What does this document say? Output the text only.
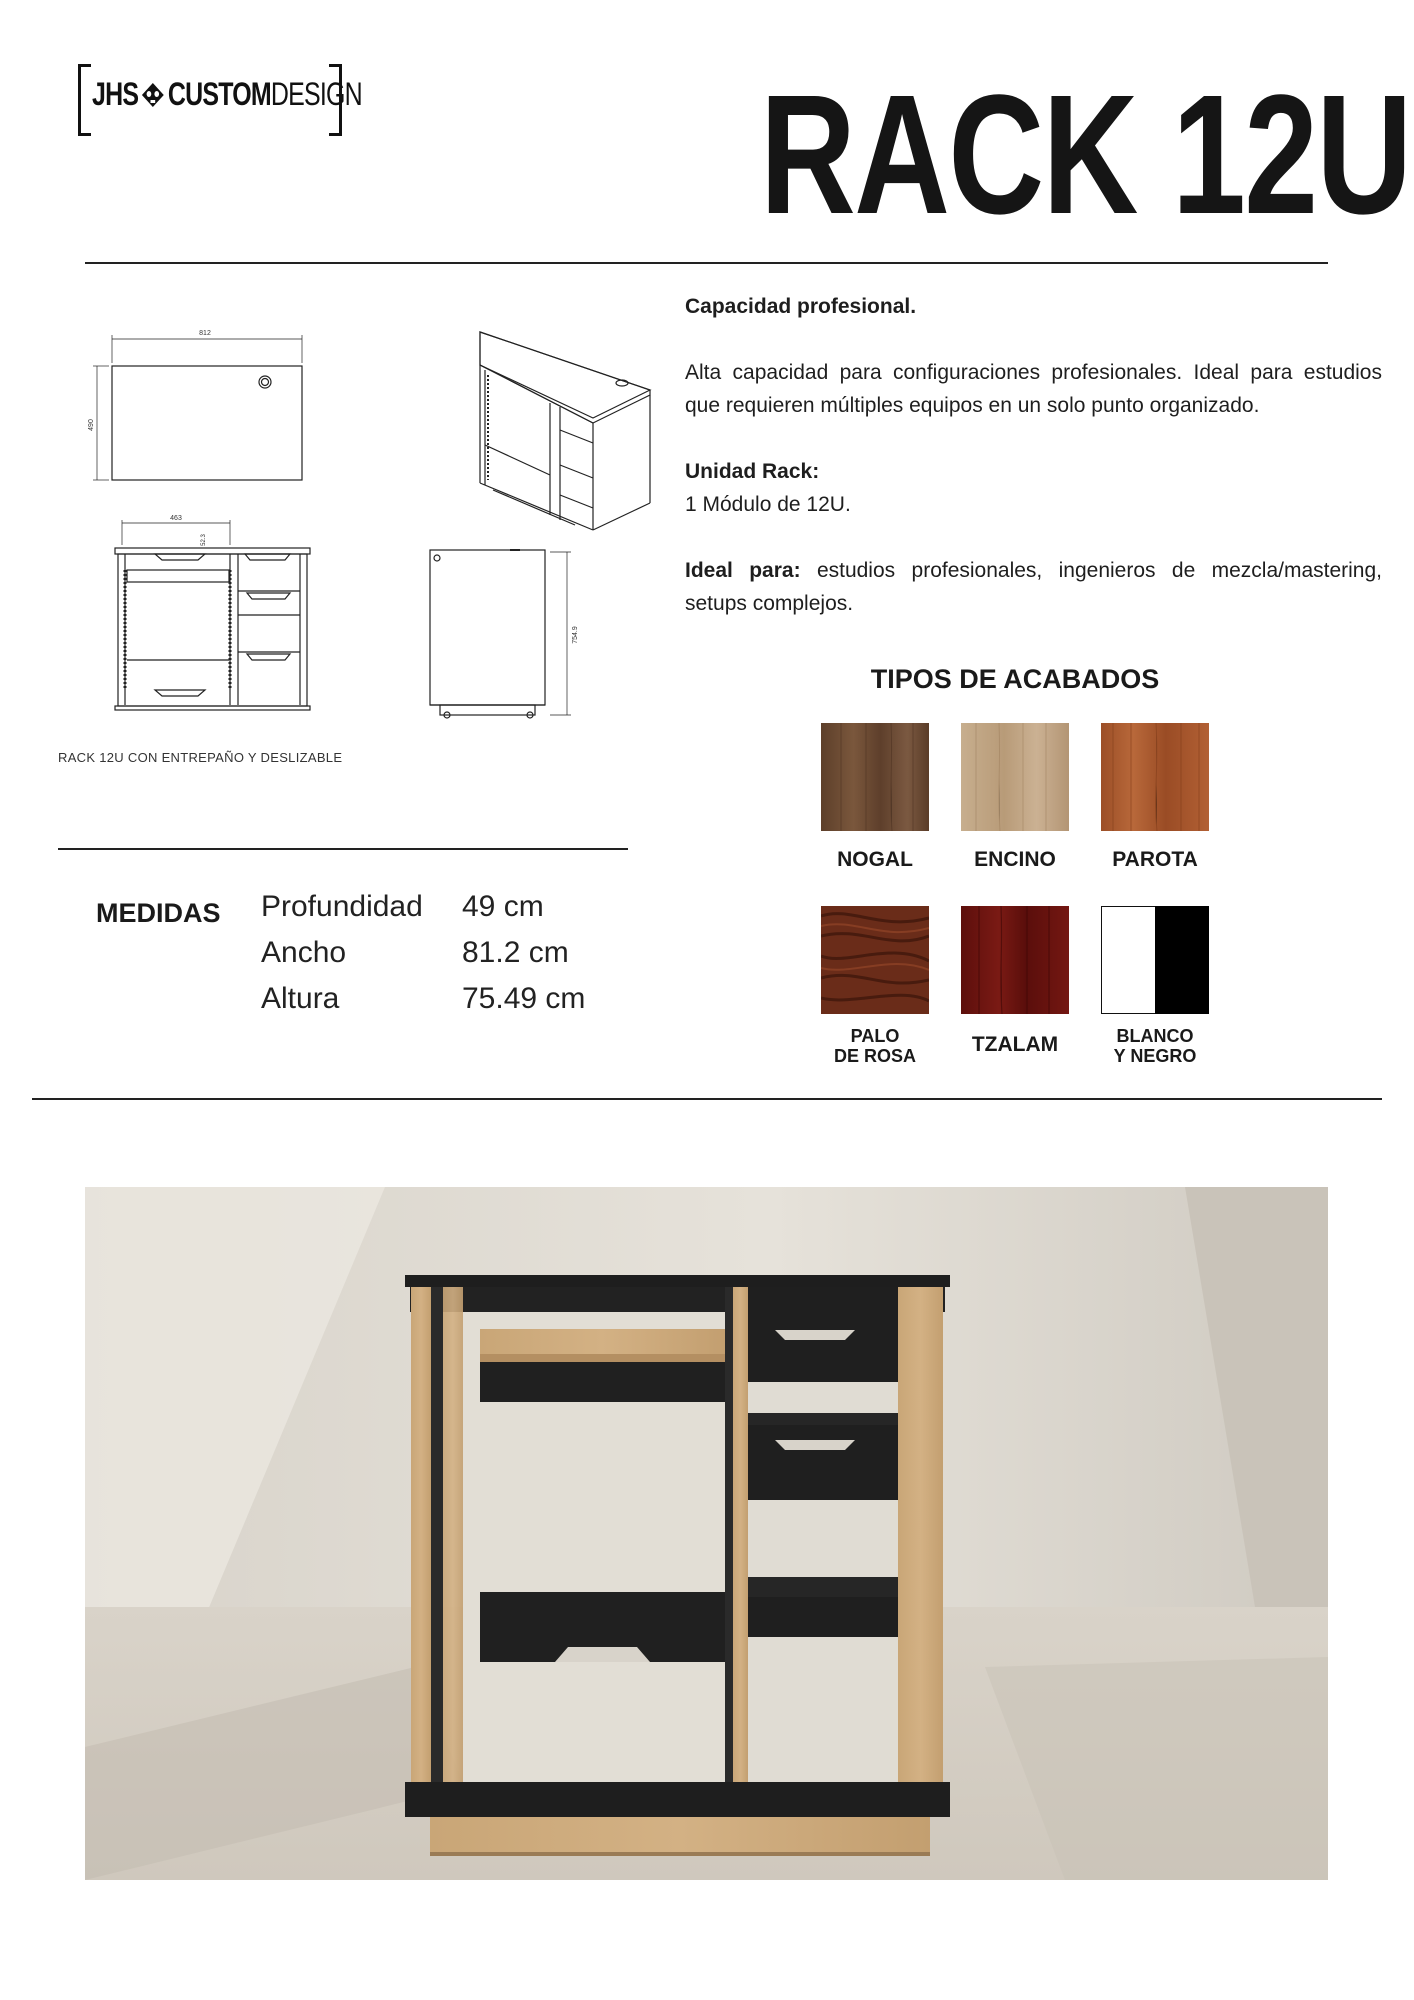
JHS CUSTOMDESIGN RACK 12U
812
490
463
52.3
754.9
RACK 12U CON ENTREPAÑO Y DESLIZABLE

Capacidad profesional.

Alta capacidad para configuraciones profesionales. Ideal para estudios que requieren múltiples equipos en un solo punto organizado.

Unidad Rack:
1 Módulo de 12U.

Ideal para: estudios profesionales, ingenieros de mezcla/mastering, setups complejos.

TIPOS DE ACABADOS
NOGAL	ENCINO	PAROTA
PALO
DE ROSA	TZALAM	BLANCO
Y NEGRO
MEDIDAS Profundidad 49 cm
Ancho	81.2 cm
Altura	75.49 cm
